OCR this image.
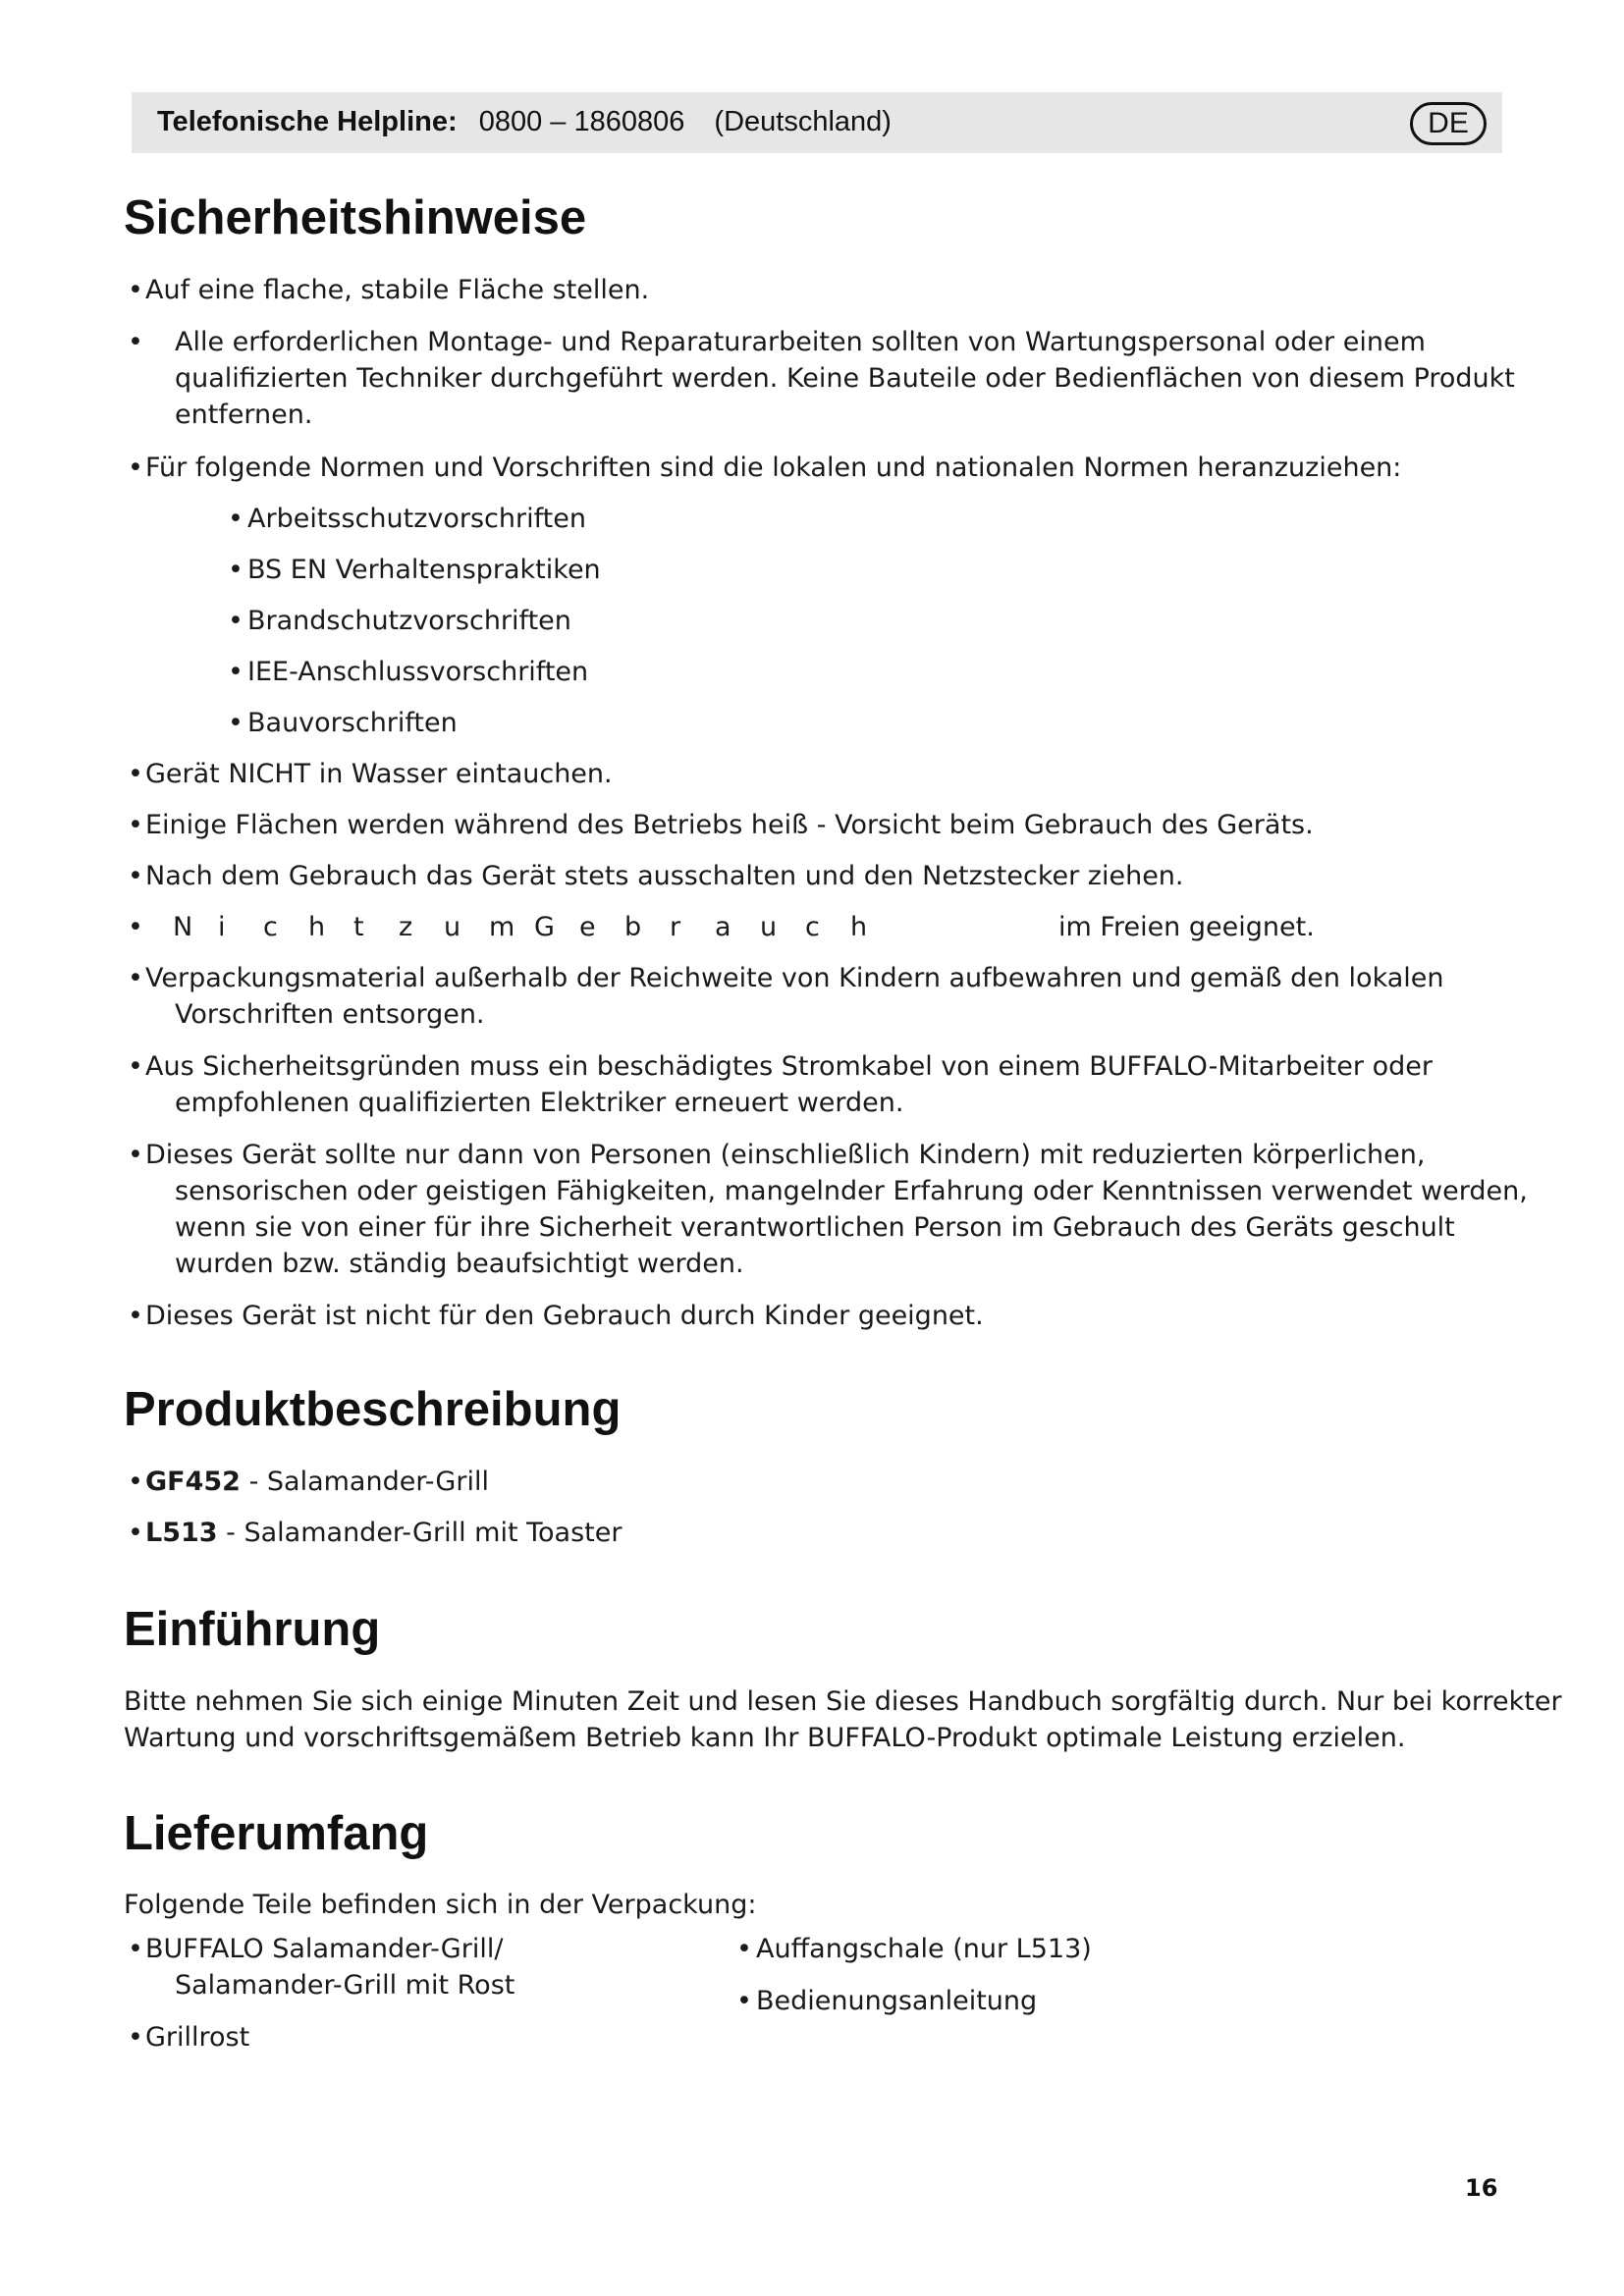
Telefonische Helpline: 0800 – 1860806 (Deutschland)	DE
Sicherheitshinweise
• Auf eine flache, stabile Fläche stellen.
• Alle erforderlichen Montage- und Reparaturarbeiten sollten von Wartungspersonal oder einem
qualifizierten Techniker durchgeführt werden. Keine Bauteile oder Bedienflächen von diesem Produkt
entfernen.
• Für folgende Normen und Vorschriften sind die lokalen und nationalen Normen heranzuziehen:
• Arbeitsschutzvorschriften
• BS EN Verhaltenspraktiken
• Brandschutzvorschriften
• IEE-Anschlussvorschriften
• Bauvorschriften
• Gerät NICHT in Wasser eintauchen.
• Einige Flächen werden während des Betriebs heiß - Vorsicht beim Gebrauch des Geräts.
• Nach dem Gebrauch das Gerät stets ausschalten und den Netzstecker ziehen.
• N i c h t z u m G e b r a u c h	im Freien geeignet.
• Verpackungsmaterial außerhalb der Reichweite von Kindern aufbewahren und gemäß den lokalen
Vorschriften entsorgen.
• Aus Sicherheitsgründen muss ein beschädigtes Stromkabel von einem BUFFALO-Mitarbeiter oder
empfohlenen qualifizierten Elektriker erneuert werden.
• Dieses Gerät sollte nur dann von Personen (einschließlich Kindern) mit reduzierten körperlichen,
sensorischen oder geistigen Fähigkeiten, mangelnder Erfahrung oder Kenntnissen verwendet werden,
wenn sie von einer für ihre Sicherheit verantwortlichen Person im Gebrauch des Geräts geschult
wurden bzw. ständig beaufsichtigt werden.
• Dieses Gerät ist nicht für den Gebrauch durch Kinder geeignet.
Produktbeschreibung
• GF452 - Salamander-Grill
• L513 - Salamander-Grill mit Toaster
Einführung
Bitte nehmen Sie sich einige Minuten Zeit und lesen Sie dieses Handbuch sorgfältig durch. Nur bei korrekter
Wartung und vorschriftsgemäßem Betrieb kann Ihr BUFFALO-Produkt optimale Leistung erzielen.
Lieferumfang
Folgende Teile befinden sich in der Verpackung:
• BUFFALO Salamander-Grill/
Salamander-Grill mit Rost
• Grillrost
• Auffangschale (nur L513)
• Bedienungsanleitung
16
